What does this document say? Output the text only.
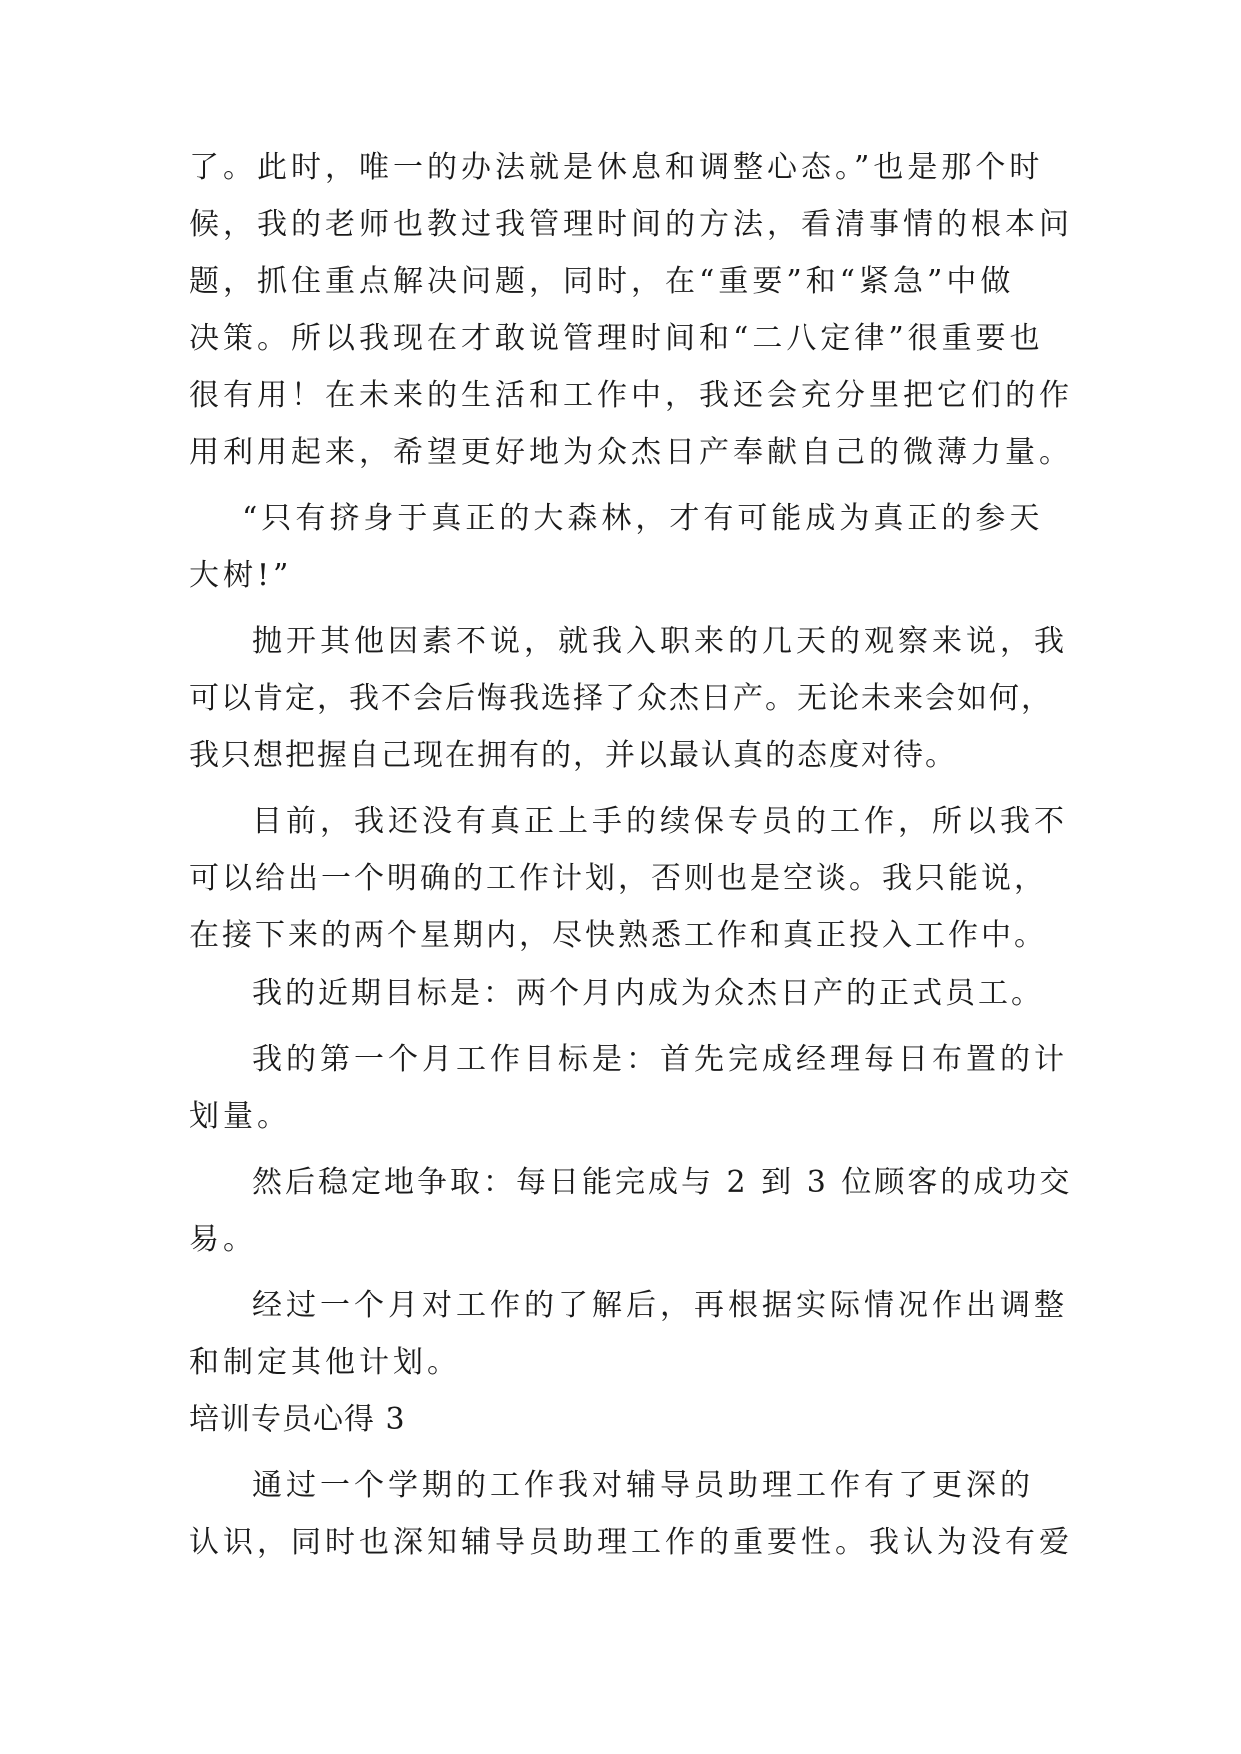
了。此时，唯一的办法就是休息和调整心态。”也是那个时
候，我的老师也教过我管理时间的方法，看清事情的根本问
题，抓住重点解决问题，同时，在“重要”和“紧急”中做
决策。所以我现在才敢说管理时间和“二八定律”很重要也
很有用！在未来的生活和工作中，我还会充分里把它们的作
用利用起来，希望更好地为众杰日产奉献自己的微薄力量。
“只有挤身于真正的大森林，才有可能成为真正的参天
大树!”
抛开其他因素不说，就我入职来的几天的观察来说，我
可以肯定，我不会后悔我选择了众杰日产。无论未来会如何，
我只想把握自己现在拥有的，并以最认真的态度对待。
目前，我还没有真正上手的续保专员的工作，所以我不
可以给出一个明确的工作计划，否则也是空谈。我只能说，
在接下来的两个星期内，尽快熟悉工作和真正投入工作中。
我的近期目标是：两个月内成为众杰日产的正式员工。
我的第一个月工作目标是：首先完成经理每日布置的计
划量。
然后稳定地争取：每日能完成与 2 到 3 位顾客的成功交
易。
经过一个月对工作的了解后，再根据实际情况作出调整
和制定其他计划。
培训专员心得 3
通过一个学期的工作我对辅导员助理工作有了更深的
认识，同时也深知辅导员助理工作的重要性。我认为没有爱
